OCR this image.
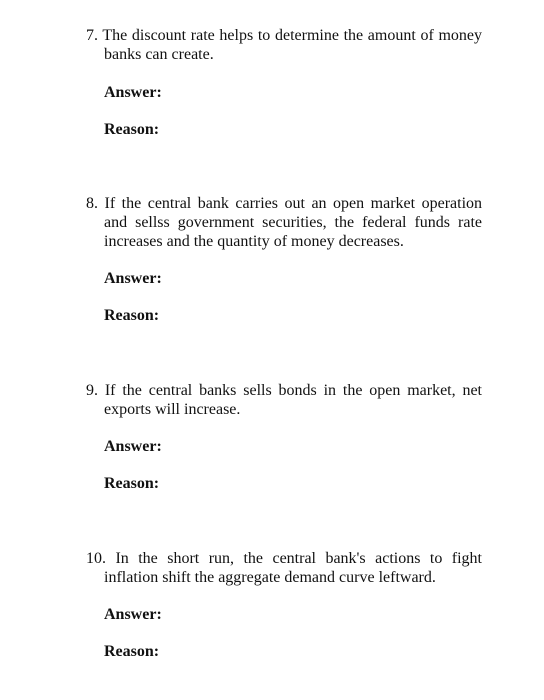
7. The discount rate helps to determine the amount of money banks can create.

Answer:

Reason:

8. If the central bank carries out an open market operation and sellss government securities, the federal funds rate increases and the quantity of money decreases.

Answer:

Reason:

9. If the central banks sells bonds in the open market, net exports will increase.

Answer:

Reason:

10. In the short run, the central bank's actions to fight inflation shift the aggregate demand curve leftward.

Answer:

Reason:
